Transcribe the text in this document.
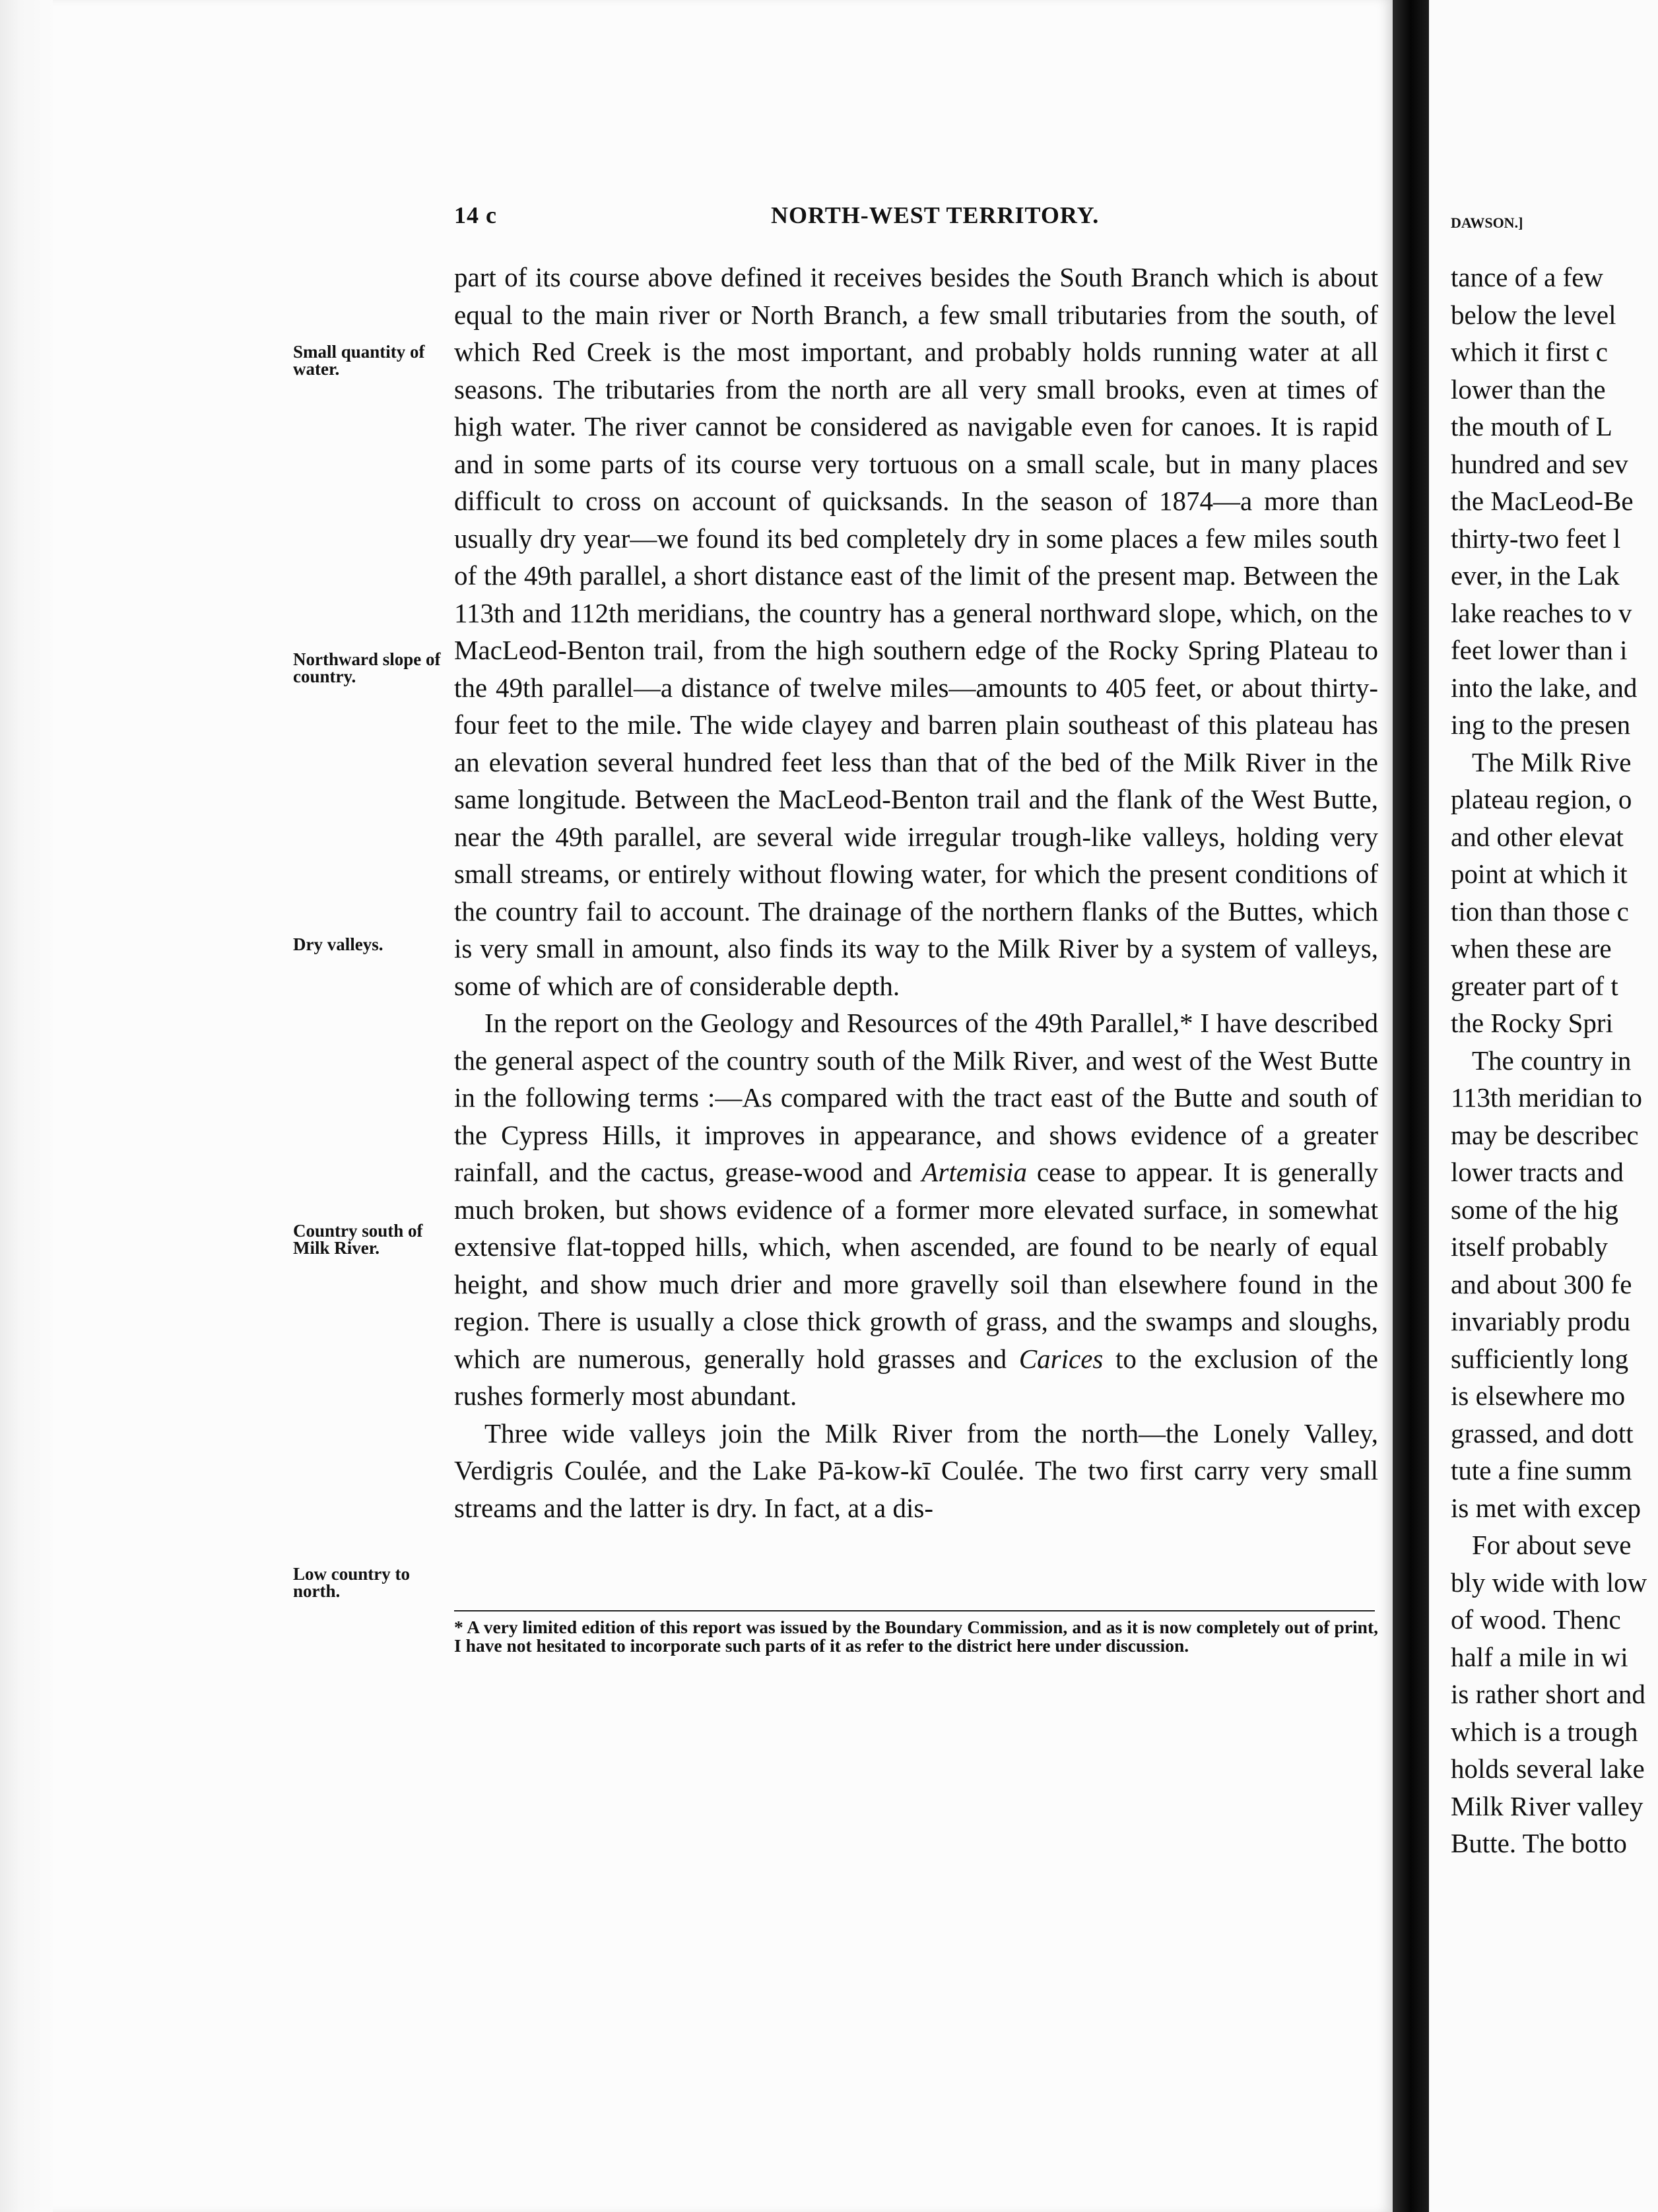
14 c	NORTH-WEST TERRITORY.
Small quantity of water.
Northward slope of country.
Dry valleys.
Country south of Milk River.
Low country to north.

part of its course above defined it receives besides the South Branch which is about equal to the main river or North Branch, a few small tributaries from the south, of which Red Creek is the most important, and probably holds running water at all seasons. The tributaries from the north are all very small brooks, even at times of high water. The river cannot be considered as navigable even for canoes. It is rapid and in some parts of its course very tortuous on a small scale, but in many places difficult to cross on account of quicksands. In the season of 1874—a more than usually dry year—we found its bed completely dry in some places a few miles south of the 49th parallel, a short distance east of the limit of the present map. Between the 113th and 112th meridians, the country has a general northward slope, which, on the MacLeod-Benton trail, from the high southern edge of the Rocky Spring Plateau to the 49th parallel—a distance of twelve miles—amounts to 405 feet, or about thirty-four feet to the mile. The wide clayey and barren plain southeast of this plateau has an elevation several hundred feet less than that of the bed of the Milk River in the same longitude. Between the MacLeod-Benton trail and the flank of the West Butte, near the 49th parallel, are several wide irregular trough-like valleys, holding very small streams, or entirely without flowing water, for which the present conditions of the country fail to account. The drainage of the northern flanks of the Buttes, which is very small in amount, also finds its way to the Milk River by a system of valleys, some of which are of considerable depth.

In the report on the Geology and Resources of the 49th Parallel,* I have described the general aspect of the country south of the Milk River, and west of the West Butte in the following terms :—As compared with the tract east of the Butte and south of the Cypress Hills, it improves in appearance, and shows evidence of a greater rainfall, and the cactus, grease-wood and Artemisia cease to appear. It is generally much broken, but shows evidence of a former more elevated surface, in somewhat extensive flat-topped hills, which, when ascended, are found to be nearly of equal height, and show much drier and more gravelly soil than elsewhere found in the region. There is usually a close thick growth of grass, and the swamps and sloughs, which are numerous, generally hold grasses and Carices to the exclusion of the rushes formerly most abundant.

Three wide valleys join the Milk River from the north—the Lonely Valley, Verdigris Coulée, and the Lake Pā-kow-kī Coulée. The two first carry very small streams and the latter is dry. In fact, at a dis-

* A very limited edition of this report was issued by the Boundary Commission, and as it is now completely out of print, I have not hesitated to incorporate such parts of it as refer to the district here under discussion.

DAWSON.]
tance of a few
below the level
which it first c
lower than the
the mouth of L
hundred and sev
the MacLeod-Be
thirty-two feet l
ever, in the Lak
lake reaches to v
feet lower than i
into the lake, and
ing to the presen
The Milk Rive
plateau region, o
and other elevat
point at which it
tion than those c
when these are
greater part of t
the Rocky Spri
The country in
113th meridian to
may be describec
lower tracts and
some of the hig
itself probably
and about 300 fe
invariably produ
sufficiently long
is elsewhere mo
grassed, and dott
tute a fine summ
is met with excep
For about seve
bly wide with low
of wood. Thenc
half a mile in wi
is rather short and
which is a trough
holds several lake
Milk River valley
Butte. The botto
